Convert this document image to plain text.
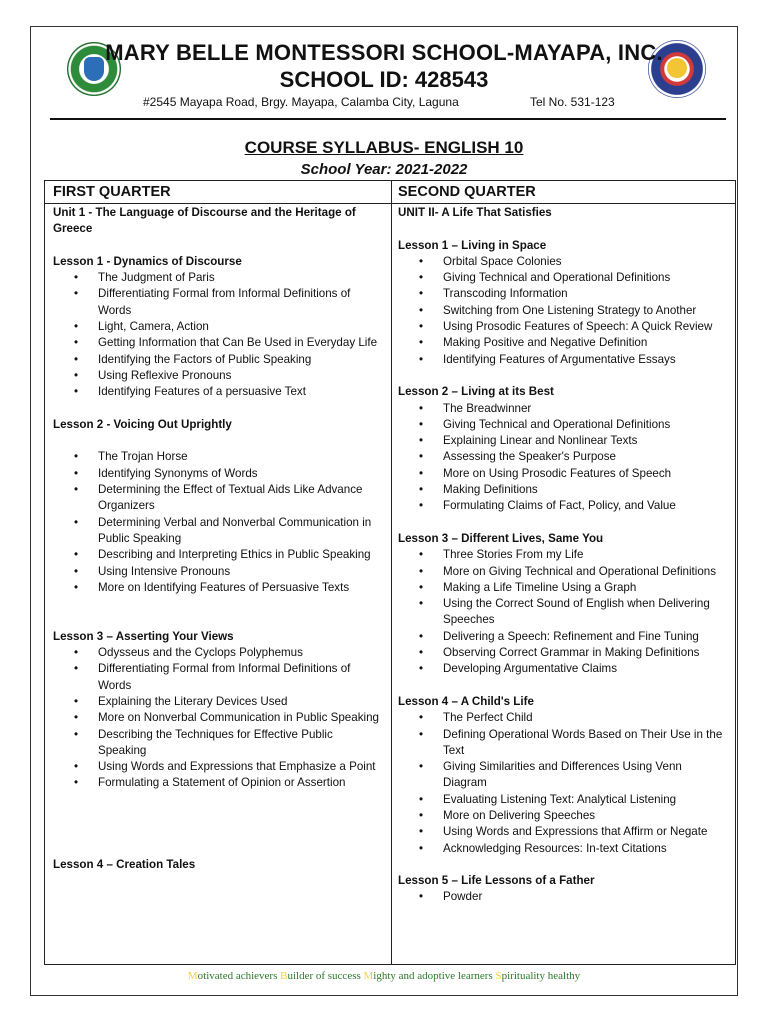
MARY BELLE MONTESSORI SCHOOL-MAYAPA, INC.
SCHOOL ID: 428543
#2545 Mayapa Road, Brgy. Mayapa, Calamba City, Laguna	Tel No. 531-123
COURSE SYLLABUS- ENGLISH 10
School Year: 2021-2022
FIRST QUARTER	SECOND QUARTER

Unit 1 - The Language of Discourse and the Heritage of Greece

Lesson 1 - Dynamics of Discourse

• The Judgment of Paris
• Differentiating Formal from Informal Definitions of Words
• Light, Camera, Action
• Getting Information that Can Be Used in Everyday Life
• Identifying the Factors of Public Speaking
• Using Reflexive Pronouns
• Identifying Features of a persuasive Text

Lesson 2 - Voicing Out Uprightly

• The Trojan Horse
• Identifying Synonyms of Words
• Determining the Effect of Textual Aids Like Advance Organizers
• Determining Verbal and Nonverbal Communication in Public Speaking
• Describing and Interpreting Ethics in Public Speaking
• Using Intensive Pronouns
• More on Identifying Features of Persuasive Texts

Lesson 3 – Asserting Your Views

• Odysseus and the Cyclops Polyphemus
• Differentiating Formal from Informal Definitions of Words
• Explaining the Literary Devices Used
• More on Nonverbal Communication in Public Speaking
• Describing the Techniques for Effective Public Speaking
• Using Words and Expressions that Emphasize a Point
• Formulating a Statement of Opinion or Assertion

Lesson 4 – Creation Tales

UNIT II- A Life That Satisfies

Lesson 1 – Living in Space

• Orbital Space Colonies
• Giving Technical and Operational Definitions
• Transcoding Information
• Switching from One Listening Strategy to Another
• Using Prosodic Features of Speech: A Quick Review
• Making Positive and Negative Definition
• Identifying Features of Argumentative Essays

Lesson 2 – Living at its Best

• The Breadwinner
• Giving Technical and Operational Definitions
• Explaining Linear and Nonlinear Texts
• Assessing the Speaker's Purpose
• More on Using Prosodic Features of Speech
• Making Definitions
• Formulating Claims of Fact, Policy, and Value

Lesson 3 – Different Lives, Same You

• Three Stories From my Life
• More on Giving Technical and Operational Definitions
• Making a Life Timeline Using a Graph
• Using the Correct Sound of English when Delivering Speeches
• Delivering a Speech: Refinement and Fine Tuning
• Observing Correct Grammar in Making Definitions
• Developing Argumentative Claims

Lesson 4 – A Child's Life

• The Perfect Child
• Defining Operational Words Based on Their Use in the Text
• Giving Similarities and Differences Using Venn Diagram
• Evaluating Listening Text: Analytical Listening
• More on Delivering Speeches
• Using Words and Expressions that Affirm or Negate
• Acknowledging Resources: In-text Citations

Lesson 5 – Life Lessons of a Father

• Powder
Motivated achievers Builder of success Mighty and adoptive learners Spirituality healthy
